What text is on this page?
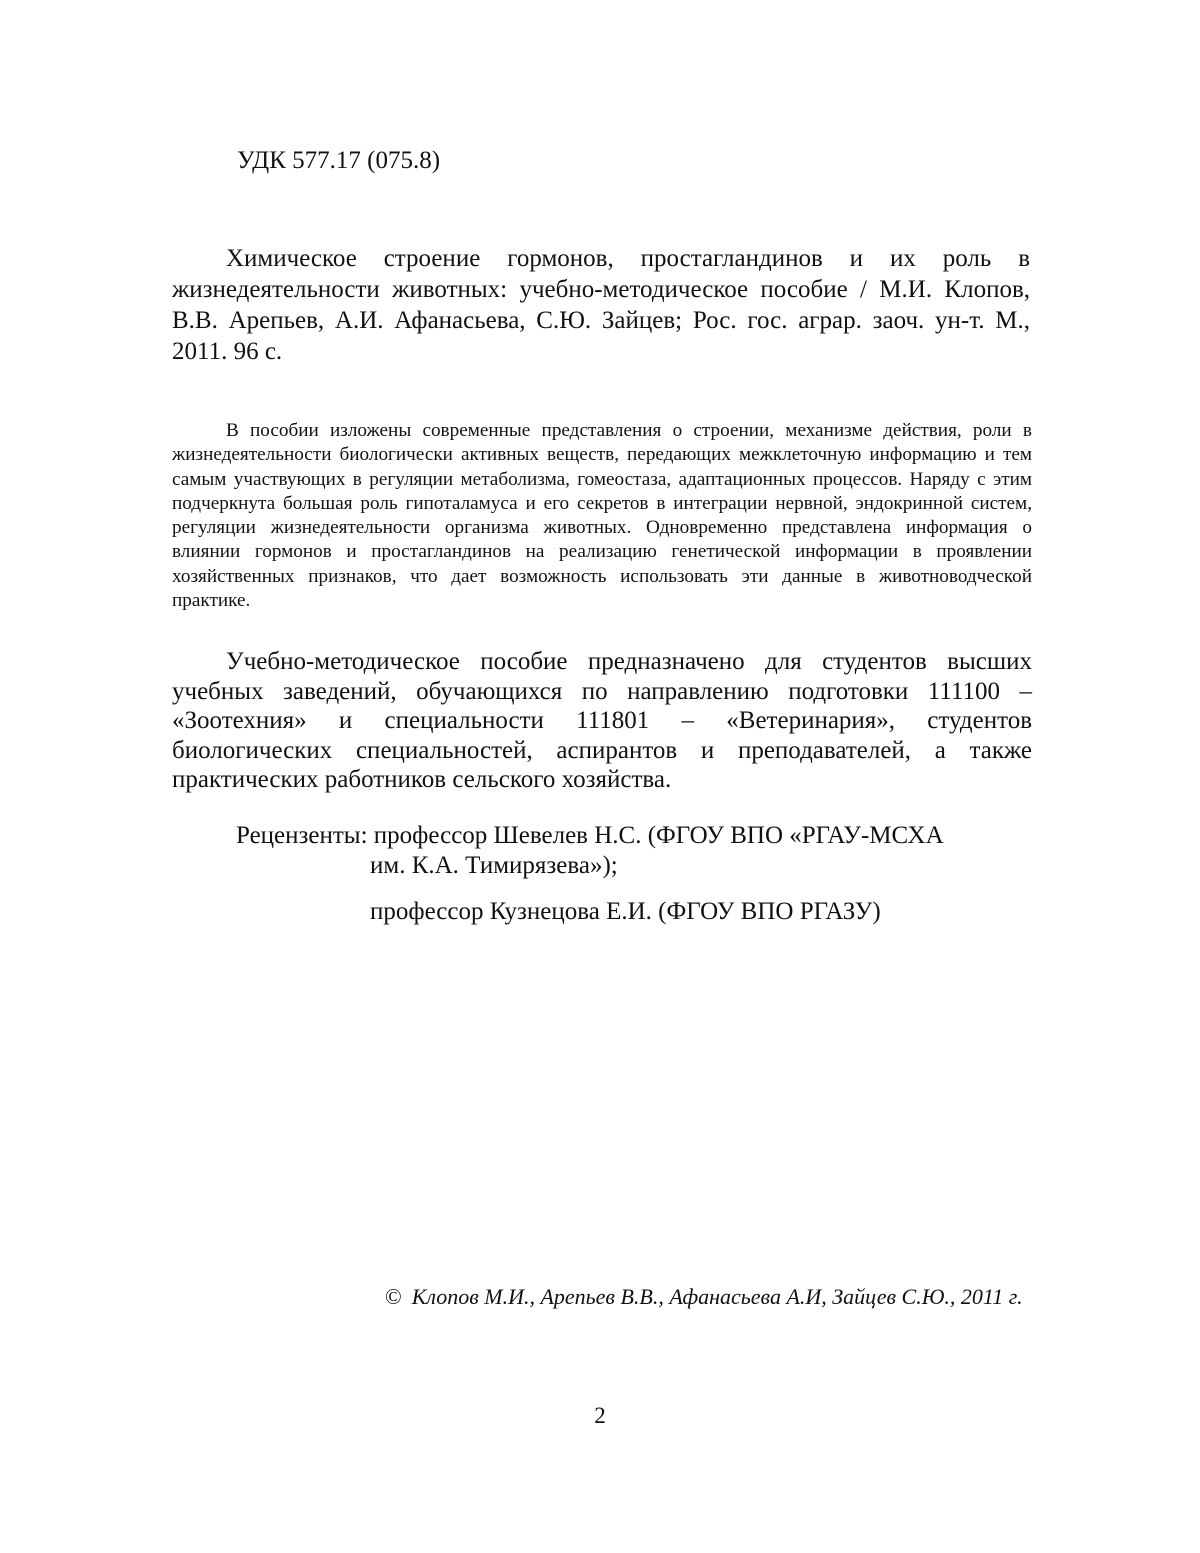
УДК 577.17 (075.8)
Химическое строение гормонов, простагландинов и их роль в жизнедеятельности животных: учебно-методическое пособие / М.И. Клопов, В.В. Арепьев, А.И. Афанасьева, С.Ю. Зайцев; Рос. гос. аграр. заоч. ун-т. М., 2011. 96 с.
В пособии изложены современные представления о строении, механизме действия, роли в жизнедеятельности биологически активных веществ, передающих межклеточную информацию и тем самым участвующих в регуляции метаболизма, гомеостаза, адаптационных процессов. Наряду с этим подчеркнута большая роль гипоталамуса и его секретов в интеграции нервной, эндокринной систем, регуляции жизнедеятельности организма животных. Одновременно представлена информация о влиянии гормонов и простагландинов на реализацию генетической информации в проявлении хозяйственных признаков, что дает возможность использовать эти данные в животноводческой практике.
Учебно-методическое пособие предназначено для студентов высших учебных заведений, обучающихся по направлению подготовки 111100 – «Зоотехния» и специальности 111801 – «Ветеринария», студентов биологических специальностей, аспирантов и преподавателей, а также практических работников сельского хозяйства.
Рецензенты: профессор Шевелев Н.С. (ФГОУ ВПО «РГАУ-МСХА
им. К.А. Тимирязева»);
профессор Кузнецова Е.И. (ФГОУ ВПО РГАЗУ)
© Клопов М.И., Арепьев В.В., Афанасьева А.И, Зайцев С.Ю., 2011 г.
2
